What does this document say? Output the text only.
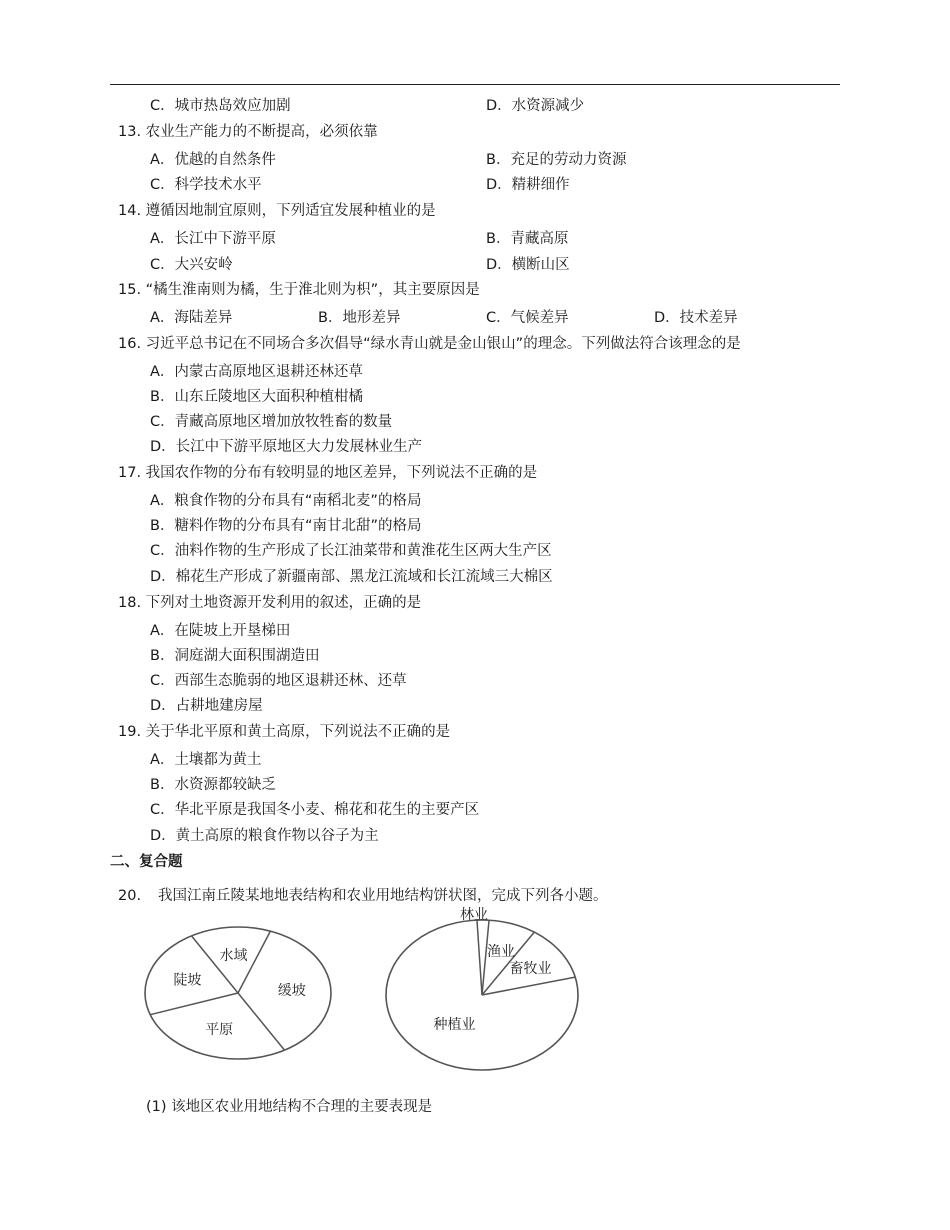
C．城市热岛效应加剧	D．水资源减少
13. 农业生产能力的不断提高，必须依靠
A．优越的自然条件	B．充足的劳动力资源
C．科学技术水平	D．精耕细作
14. 遵循因地制宜原则，下列适宜发展种植业的是
A．长江中下游平原	B．青藏高原
C．大兴安岭	D．横断山区
15. “橘生淮南则为橘，生于淮北则为枳”，其主要原因是
A．海陆差异	B．地形差异	C．气候差异	D．技术差异
16. 习近平总书记在不同场合多次倡导“绿水青山就是金山银山”的理念。下列做法符合该理念的是
A．内蒙古高原地区退耕还林还草
B．山东丘陵地区大面积种植柑橘
C．青藏高原地区增加放牧牲畜的数量
D．长江中下游平原地区大力发展林业生产
17. 我国农作物的分布有较明显的地区差异，下列说法不正确的是
A．粮食作物的分布具有“南稻北麦”的格局
B．糖料作物的分布具有“南甘北甜”的格局
C．油料作物的生产形成了长江油菜带和黄淮花生区两大生产区
D．棉花生产形成了新疆南部、黑龙江流域和长江流域三大棉区
18. 下列对土地资源开发利用的叙述，正确的是
A．在陡坡上开垦梯田
B．洞庭湖大面积围湖造田
C．西部生态脆弱的地区退耕还林、还草
D．占耕地建房屋
19. 关于华北平原和黄土高原，下列说法不正确的是
A．土壤都为黄土
B．水资源都较缺乏
C．华北平原是我国冬小麦、棉花和花生的主要产区
D．黄土高原的粮食作物以谷子为主
二、复合题
20. 我国江南丘陵某地地表结构和农业用地结构饼状图，完成下列各小题。
水域
缓坡
平原
陡坡
林业
渔业
畜牧业
种植业
(1) 该地区农业用地结构不合理的主要表现是
